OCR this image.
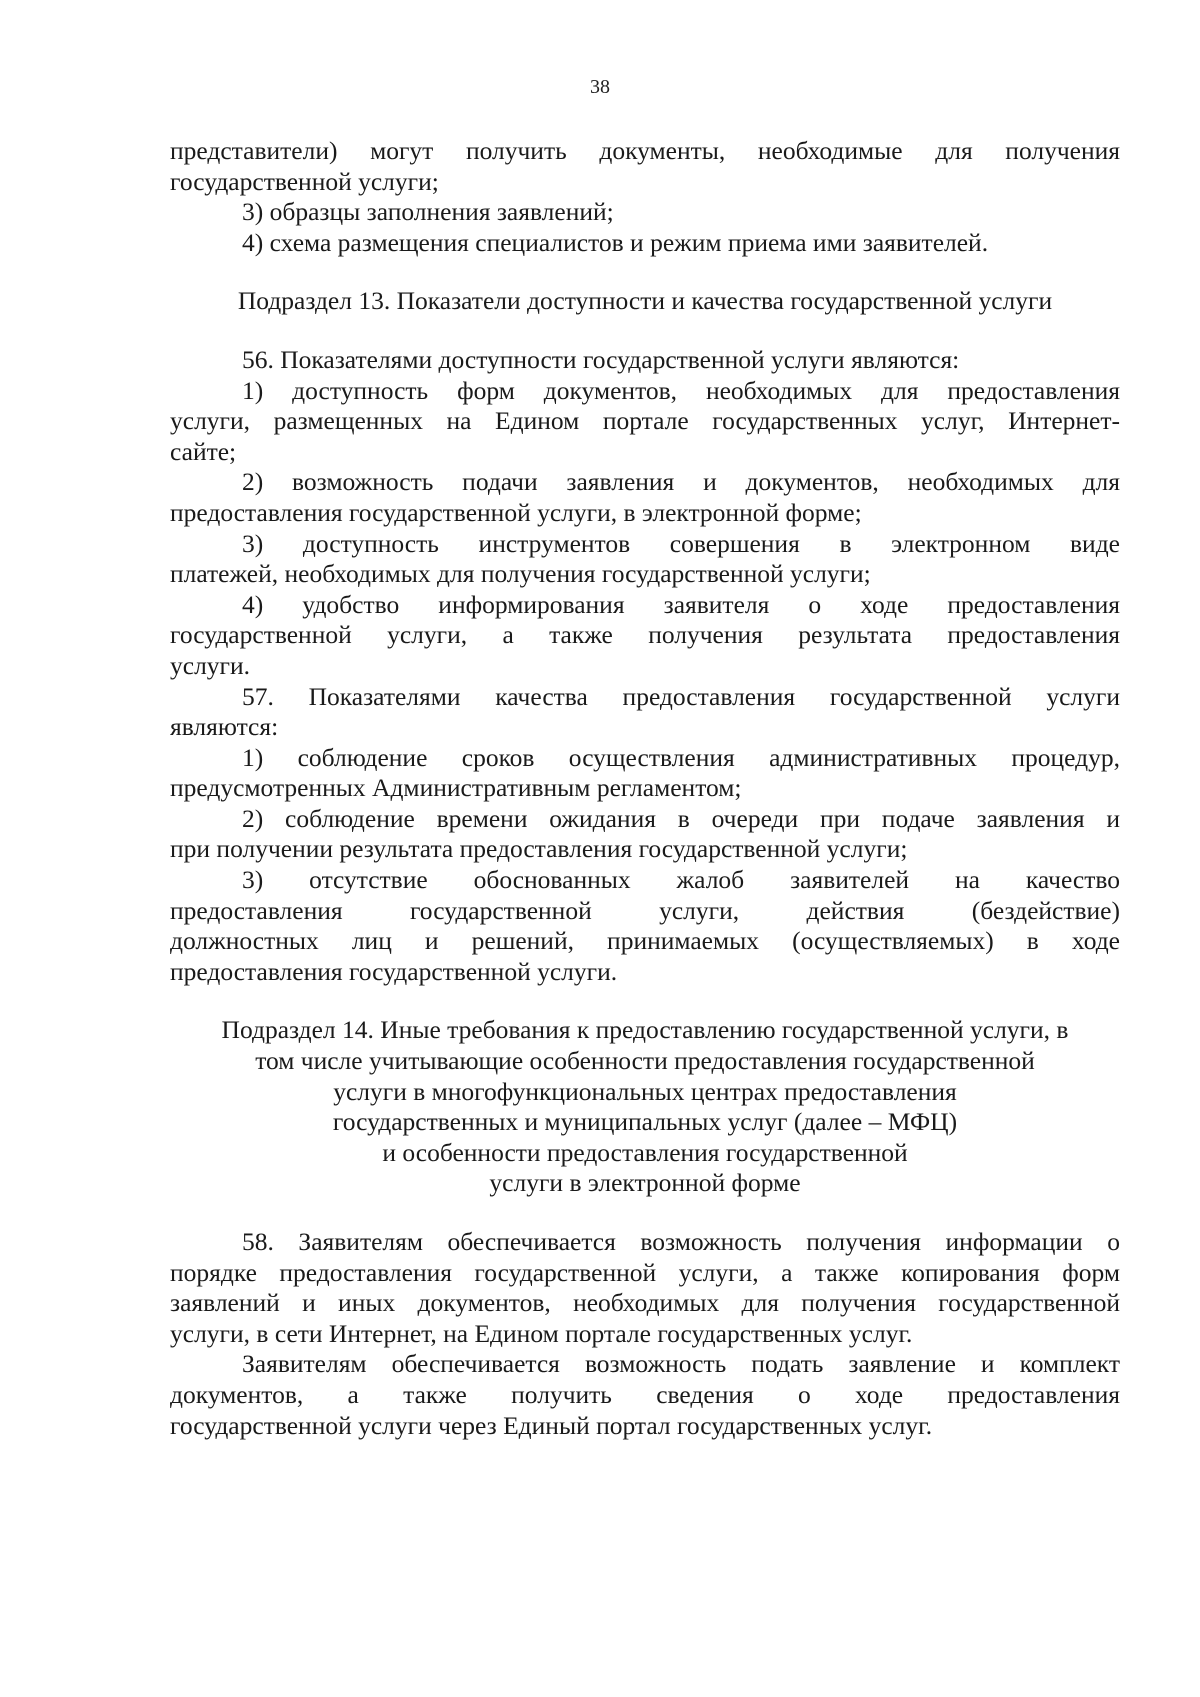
38
представители) могут получить документы, необходимые для получения
государственной услуги;
3) образцы заполнения заявлений;
4) схема размещения специалистов и режим приема ими заявителей.
Подраздел 13. Показатели доступности и качества государственной услуги
56. Показателями доступности государственной услуги являются:
1) доступность форм документов, необходимых для предоставления
услуги, размещенных на Едином портале государственных услуг, Интернет-
сайте;
2) возможность подачи заявления и документов, необходимых для
предоставления государственной услуги, в электронной форме;
3) доступность инструментов совершения в электронном виде
платежей, необходимых для получения государственной услуги;
4) удобство информирования заявителя о ходе предоставления
государственной услуги, а также получения результата предоставления
услуги.
57. Показателями качества предоставления государственной услуги
являются:
1) соблюдение сроков осуществления административных процедур,
предусмотренных Административным регламентом;
2) соблюдение времени ожидания в очереди при подаче заявления и
при получении результата предоставления государственной услуги;
3) отсутствие обоснованных жалоб заявителей на качество
предоставления государственной услуги, действия (бездействие)
должностных лиц и решений, принимаемых (осуществляемых) в ходе
предоставления государственной услуги.
Подраздел 14. Иные требования к предоставлению государственной услуги, в
том числе учитывающие особенности предоставления государственной
услуги в многофункциональных центрах предоставления
государственных и муниципальных услуг (далее – МФЦ)
и особенности предоставления государственной
услуги в электронной форме
58. Заявителям обеспечивается возможность получения информации о
порядке предоставления государственной услуги, а также копирования форм
заявлений и иных документов, необходимых для получения государственной
услуги, в сети Интернет, на Едином портале государственных услуг.
Заявителям обеспечивается возможность подать заявление и комплект
документов, а также получить сведения о ходе предоставления
государственной услуги через Единый портал государственных услуг.
